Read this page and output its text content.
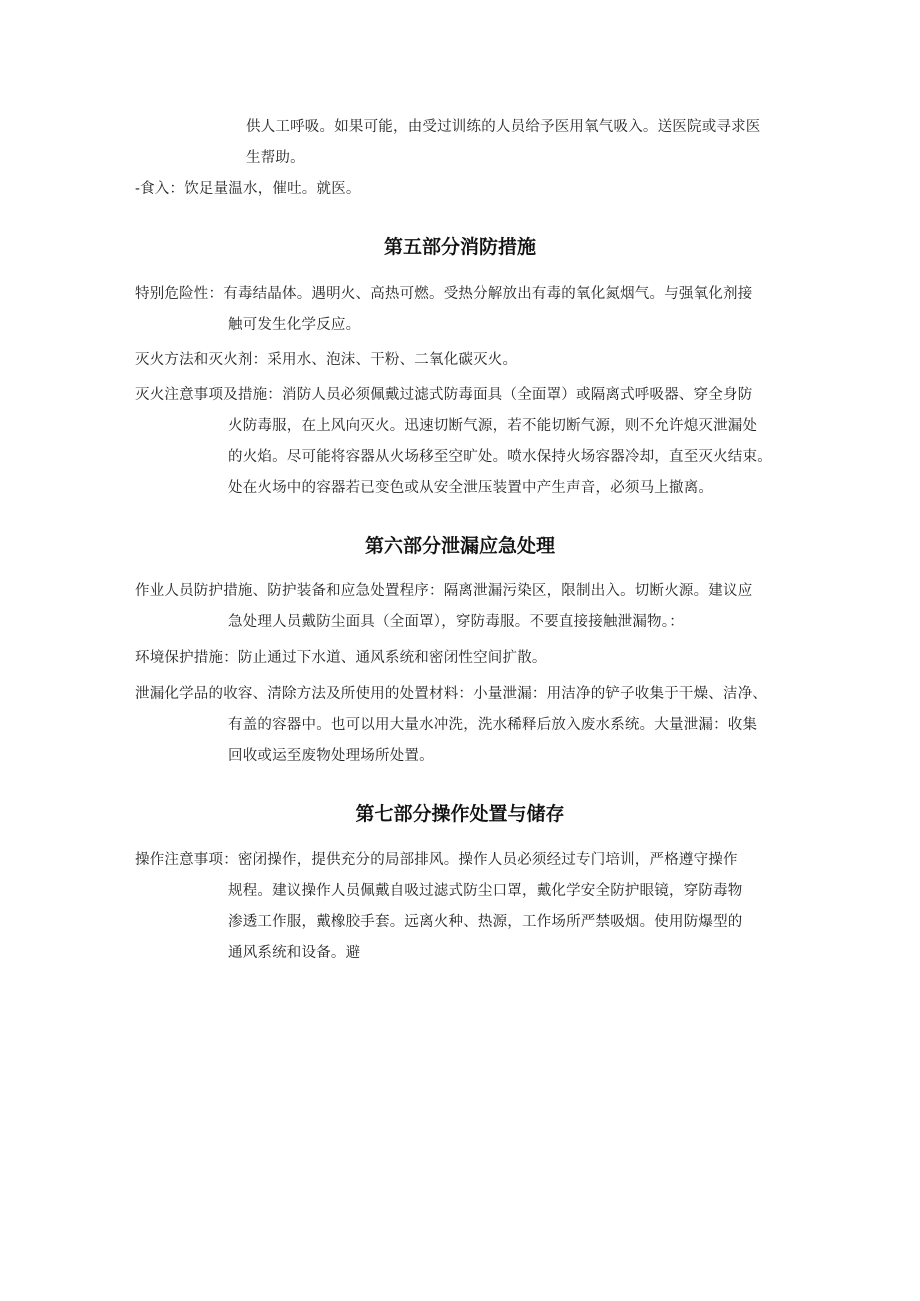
供人工呼吸。如果可能，由受过训练的人员给予医用氧气吸入。送医院或寻求医
生帮助。
-食入：饮足量温水，催吐。就医。
第五部分消防措施
特别危险性：有毒结晶体。遇明火、高热可燃。受热分解放出有毒的氧化氮烟气。与强氧化剂接
触可发生化学反应。
灭火方法和灭火剂：采用水、泡沫、干粉、二氧化碳灭火。
灭火注意事项及措施：消防人员必须佩戴过滤式防毒面具（全面罩）或隔离式呼吸器、穿全身防
火防毒服，在上风向灭火。迅速切断气源，若不能切断气源，则不允许熄灭泄漏处
的火焰。尽可能将容器从火场移至空旷处。喷水保持火场容器冷却，直至灭火结束。
处在火场中的容器若已变色或从安全泄压装置中产生声音，必须马上撤离。
第六部分泄漏应急处理
作业人员防护措施、防护装备和应急处置程序：隔离泄漏污染区，限制出入。切断火源。建议应
急处理人员戴防尘面具（全面罩），穿防毒服。不要直接接触泄漏物。：
环境保护措施：防止通过下水道、通风系统和密闭性空间扩散。
泄漏化学品的收容、清除方法及所使用的处置材料：小量泄漏：用洁净的铲子收集于干燥、洁净、
有盖的容器中。也可以用大量水冲洗，洗水稀释后放入废水系统。大量泄漏：收集
回收或运至废物处理场所处置。
第七部分操作处置与储存
操作注意事项：密闭操作，提供充分的局部排风。操作人员必须经过专门培训，严格遵守操作
规程。建议操作人员佩戴自吸过滤式防尘口罩，戴化学安全防护眼镜，穿防毒物
渗透工作服，戴橡胶手套。远离火种、热源，工作场所严禁吸烟。使用防爆型的
通风系统和设备。避
